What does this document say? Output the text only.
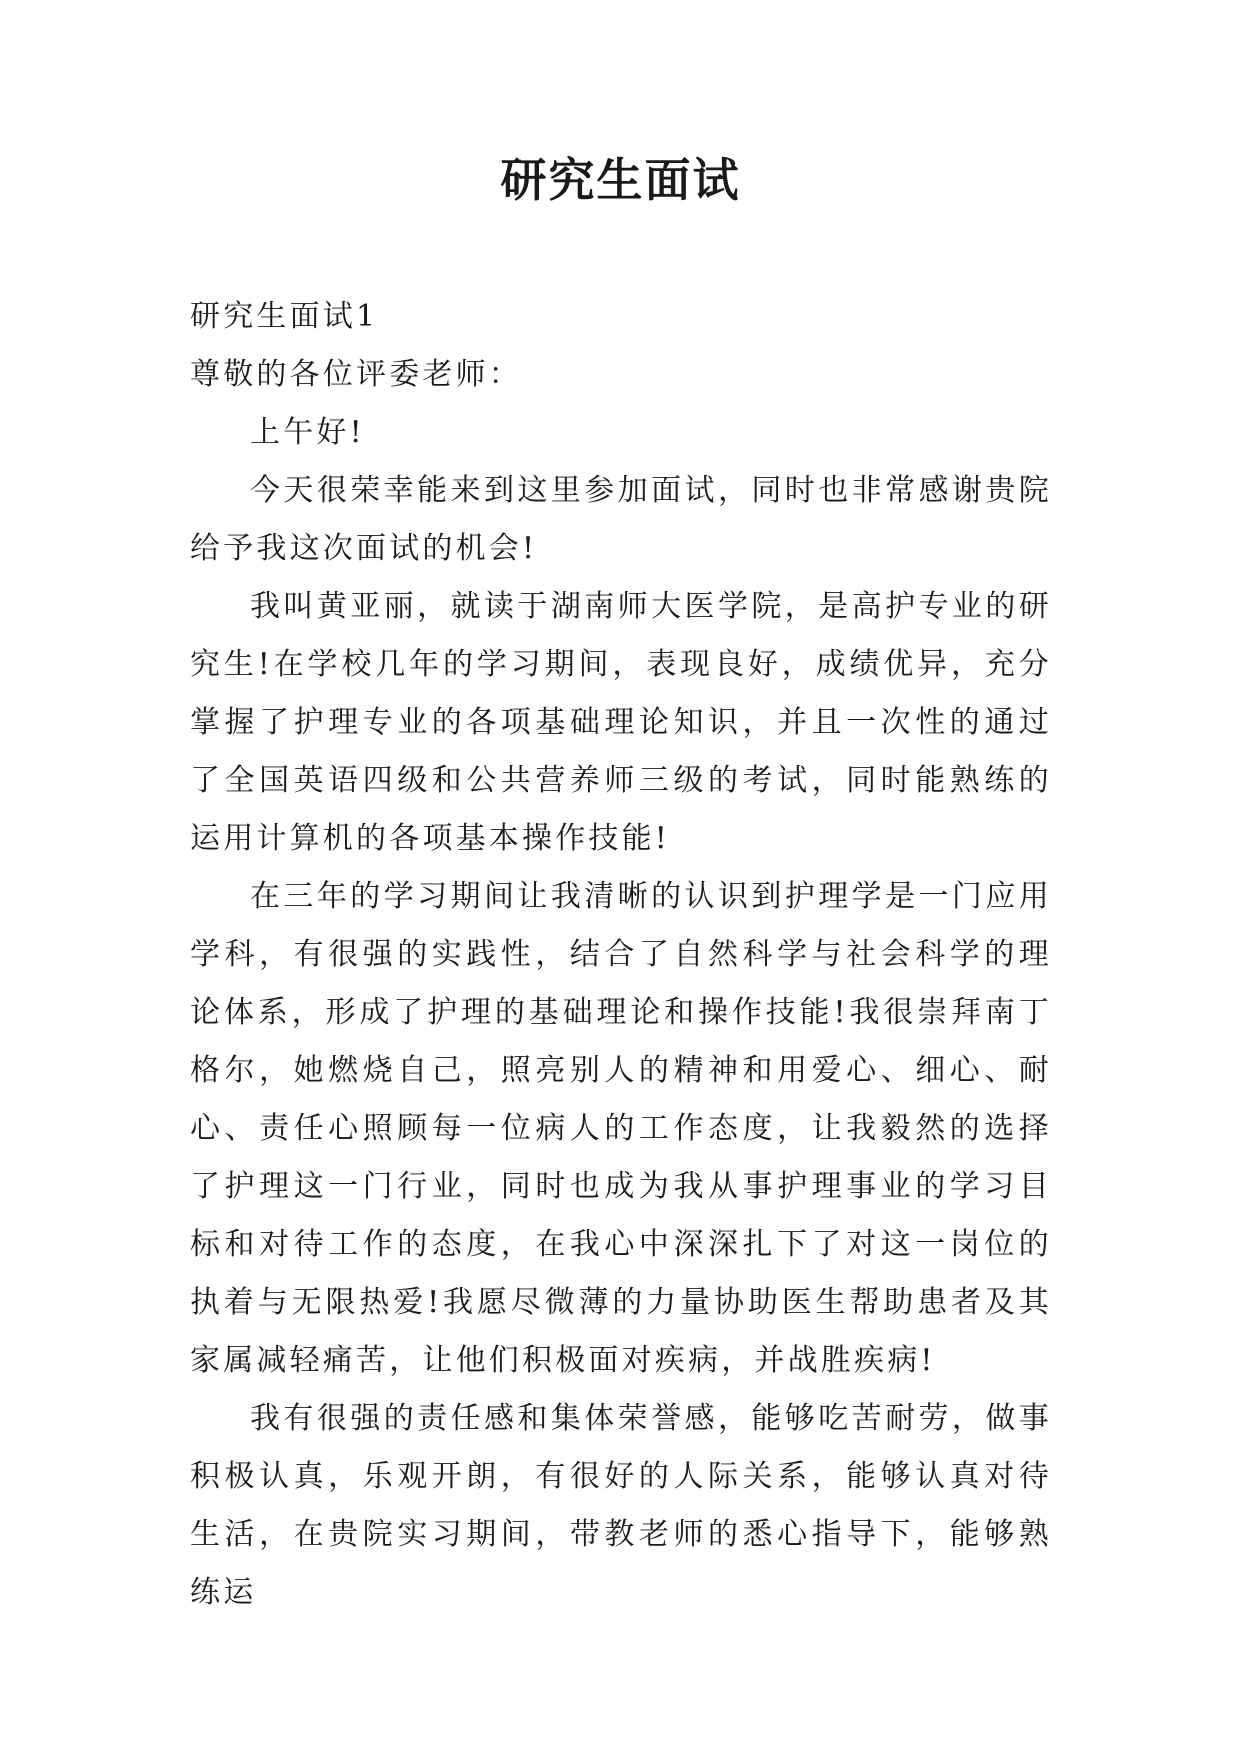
研究生面试

研究生面试1

尊敬的各位评委老师：

上午好!

今天很荣幸能来到这里参加面试，同时也非常感谢贵院给予我这次面试的机会!

我叫黄亚丽，就读于湖南师大医学院，是高护专业的研究生!在学校几年的学习期间，表现良好，成绩优异，充分掌握了护理专业的各项基础理论知识，并且一次性的通过了全国英语四级和公共营养师三级的考试，同时能熟练的运用计算机的各项基本操作技能!

在三年的学习期间让我清晰的认识到护理学是一门应用学科，有很强的实践性，结合了自然科学与社会科学的理论体系，形成了护理的基础理论和操作技能!我很崇拜南丁格尔，她燃烧自己，照亮别人的精神和用爱心、细心、耐心、责任心照顾每一位病人的工作态度，让我毅然的选择了护理这一门行业，同时也成为我从事护理事业的学习目标和对待工作的态度，在我心中深深扎下了对这一岗位的执着与无限热爱!我愿尽微薄的力量协助医生帮助患者及其家属减轻痛苦，让他们积极面对疾病，并战胜疾病!

我有很强的责任感和集体荣誉感，能够吃苦耐劳，做事积极认真，乐观开朗，有很好的人际关系，能够认真对待生活，在贵院实习期间，带教老师的悉心指导下，能够熟练运
